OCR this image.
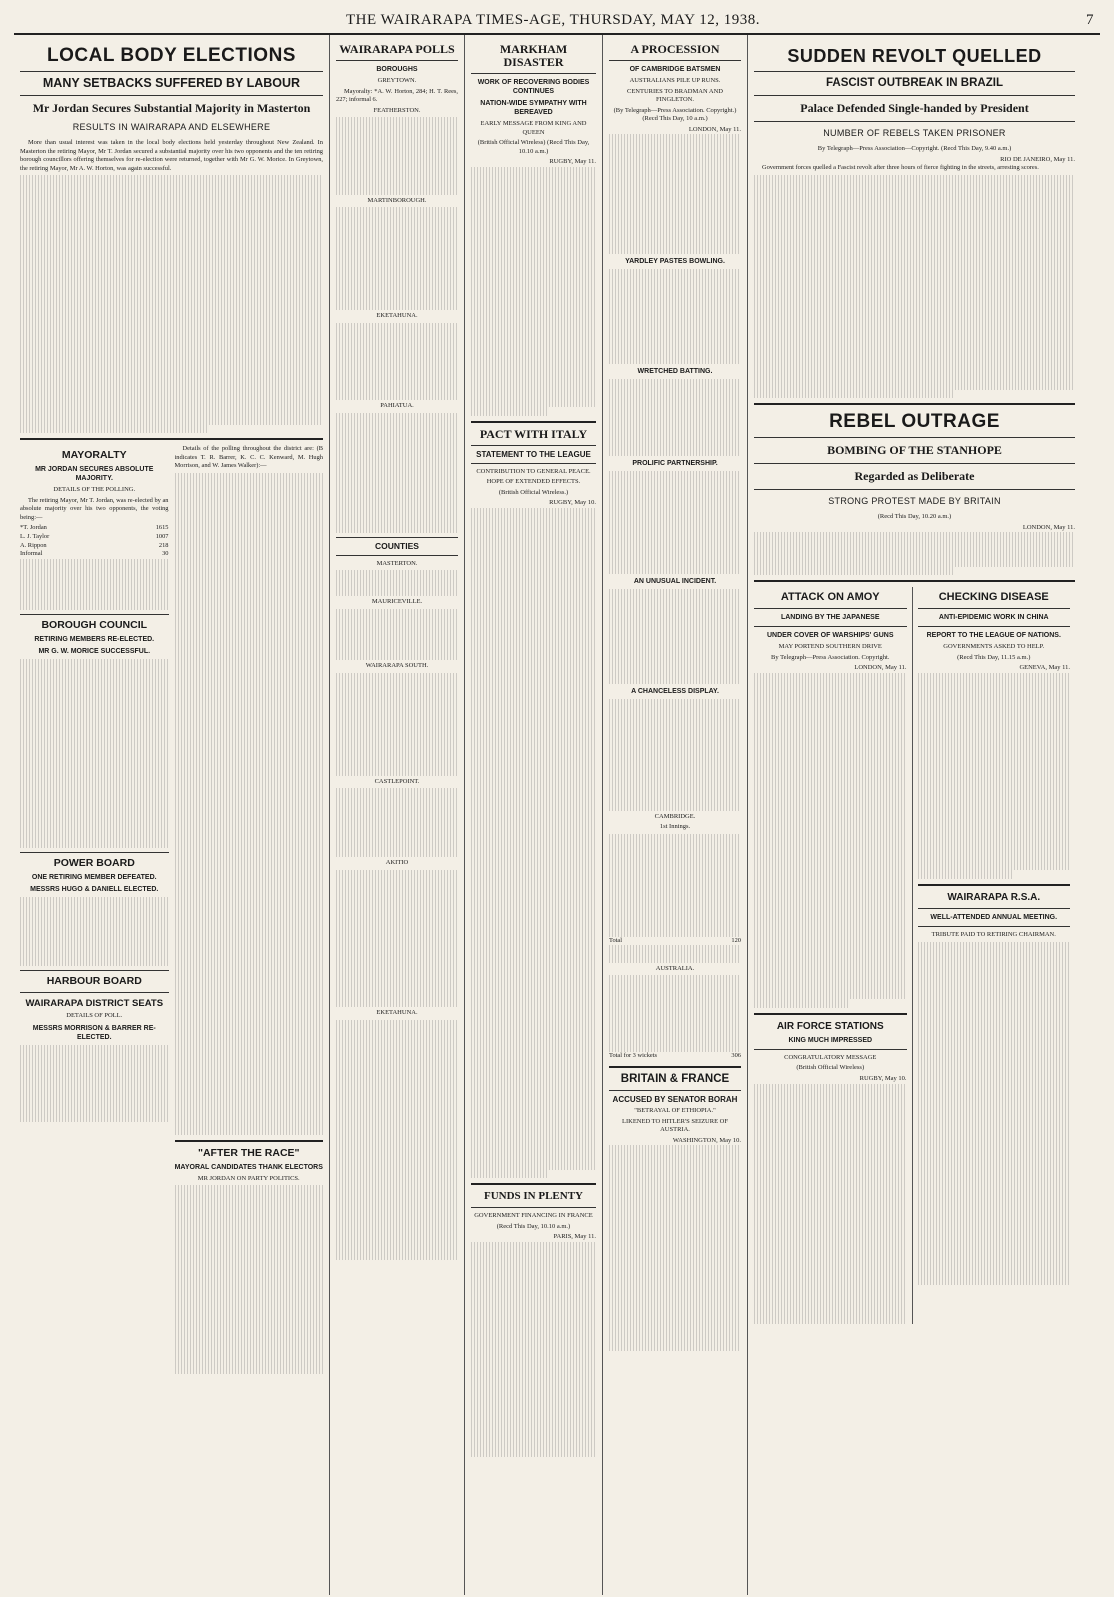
THE WAIRARAPA TIMES-AGE, THURSDAY, MAY 12, 1938.	7
LOCAL BODY ELECTIONS
MANY SETBACKS SUFFERED BY LABOUR
Mr Jordan Secures Substantial Majority in Masterton
RESULTS IN WAIRARAPA AND ELSEWHERE

More than usual interest was taken in the local body elections held yesterday throughout New Zealand. In Masterton the retiring Mayor, Mr T. Jordan secured a substantial majority over his two opponents and the ten retiring borough councillors offering themselves for re-election were returned, together with Mr G. W. Morice. In Greytown, the retiring Mayor, Mr A. W. Horton, was again successful.

MAYORALTY
MR JORDAN SECURES ABSOLUTE MAJORITY.
DETAILS OF THE POLLING.

The retiring Mayor, Mr T. Jordan, was re-elected by an absolute majority over his two opponents, the voting being:—

*T. Jordan	1615
L. J. Taylor	1007
A. Rippon	218
Informal	30
BOROUGH COUNCIL
RETIRING MEMBERS RE-ELECTED.
MR G. W. MORICE SUCCESSFUL.
POWER BOARD
ONE RETIRING MEMBER DEFEATED.
MESSRS HUGO & DANIELL ELECTED.
HARBOUR BOARD
WAIRARAPA DISTRICT SEATS
DETAILS OF POLL.
MESSRS MORRISON & BARRER RE-ELECTED.

Details of the polling throughout the district are: (B indicates T. R. Barrer, K. C. C. Kenward, M. Hugh Morrison, and W. James Walker):—

"AFTER THE RACE"
MAYORAL CANDIDATES THANK ELECTORS
MR JORDAN ON PARTY POLITICS.
WAIRARAPA POLLS
BOROUGHS
GREYTOWN.

Mayoralty: *A. W. Horton, 284; H. T. Rees, 227; informal 6.

FEATHERSTON.
MARTINBOROUGH.
EKETAHUNA.
PAHIATUA.
COUNTIES
MASTERTON.
MAURICEVILLE.
WAIRARAPA SOUTH.
CASTLEPOINT.
AKITIO
EKETAHUNA.
MARKHAM DISASTER
WORK OF RECOVERING BODIES CONTINUES
NATION-WIDE SYMPATHY WITH BEREAVED
EARLY MESSAGE FROM KING AND QUEEN
(British Official Wireless) (Recd This Day, 10.10 a.m.)
RUGBY, May 11.
PACT WITH ITALY
STATEMENT TO THE LEAGUE
CONTRIBUTION TO GENERAL PEACE.
HOPE OF EXTENDED EFFECTS.
(British Official Wireless.)
RUGBY, May 10.
FUNDS IN PLENTY
GOVERNMENT FINANCING IN FRANCE
(Recd This Day, 10.10 a.m.)
PARIS, May 11.
A PROCESSION
OF CAMBRIDGE BATSMEN
AUSTRALIANS PILE UP RUNS.
CENTURIES TO BRADMAN AND FINGLETON.
(By Telegraph—Press Association. Copyright.) (Recd This Day, 10 a.m.)
LONDON, May 11.
YARDLEY PASTES BOWLING.
WRETCHED BATTING.
PROLIFIC PARTNERSHIP.
AN UNUSUAL INCIDENT.
A CHANCELESS DISPLAY.
CAMBRIDGE.
1st Innings.
Total	120
AUSTRALIA.
Total for 3 wickets	306
BRITAIN & FRANCE
ACCUSED BY SENATOR BORAH
"BETRAYAL OF ETHIOPIA."
LIKENED TO HITLER'S SEIZURE OF AUSTRIA.
WASHINGTON, May 10.
SUDDEN REVOLT QUELLED
FASCIST OUTBREAK IN BRAZIL
Palace Defended Single-handed by President
NUMBER OF REBELS TAKEN PRISONER
By Telegraph—Press Association—Copyright. (Recd This Day, 9.40 a.m.)
RIO DE JANEIRO, May 11.

Government forces quelled a Fascist revolt after three hours of fierce fighting in the streets, arresting scores.

REBEL OUTRAGE
BOMBING OF THE STANHOPE
Regarded as Deliberate
STRONG PROTEST MADE BY BRITAIN
(Recd This Day, 10.20 a.m.)
LONDON, May 11.
ATTACK ON AMOY
LANDING BY THE JAPANESE
UNDER COVER OF WARSHIPS' GUNS
MAY PORTEND SOUTHERN DRIVE
By Telegraph—Press Association. Copyright.
LONDON, May 11.
AIR FORCE STATIONS
KING MUCH IMPRESSED
CONGRATULATORY MESSAGE
(British Official Wireless)
RUGBY, May 10.
CHECKING DISEASE
ANTI-EPIDEMIC WORK IN CHINA
REPORT TO THE LEAGUE OF NATIONS.
GOVERNMENTS ASKED TO HELP.
(Recd This Day, 11.15 a.m.)
GENEVA, May 11.
WAIRARAPA R.S.A.
WELL-ATTENDED ANNUAL MEETING.
TRIBUTE PAID TO RETIRING CHAIRMAN.
